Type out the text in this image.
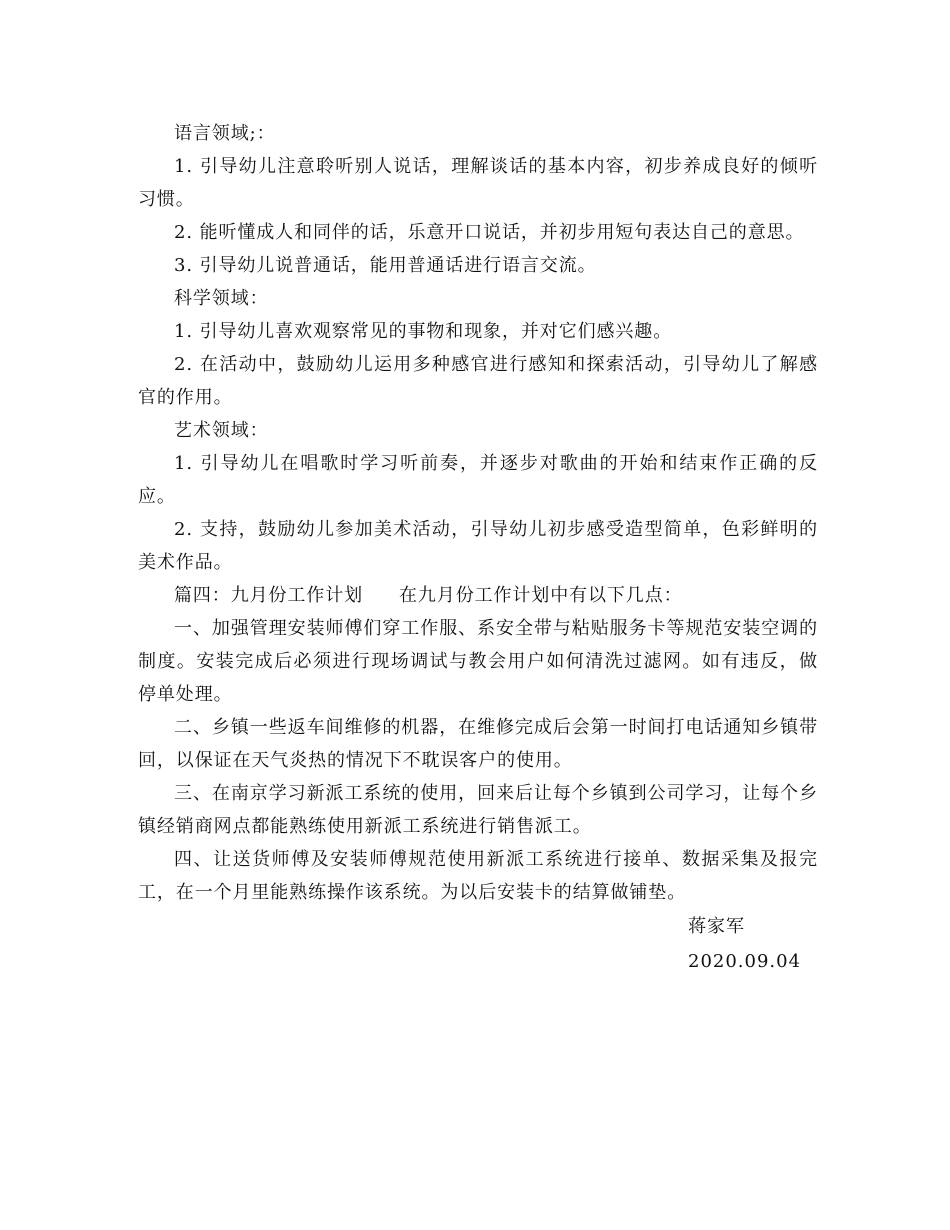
语言领域;：

1. 引导幼儿注意聆听别人说话，理解谈话的基本内容，初步养成良好的倾听习惯。

2. 能听懂成人和同伴的话，乐意开口说话，并初步用短句表达自己的意思。

3. 引导幼儿说普通话，能用普通话进行语言交流。

科学领域：

1. 引导幼儿喜欢观察常见的事物和现象，并对它们感兴趣。

2. 在活动中，鼓励幼儿运用多种感官进行感知和探索活动，引导幼儿了解感官的作用。

艺术领域：

1. 引导幼儿在唱歌时学习听前奏，并逐步对歌曲的开始和结束作正确的反应。

2. 支持，鼓励幼儿参加美术活动，引导幼儿初步感受造型简单，色彩鲜明的美术作品。

篇四：九月份工作计划 在九月份工作计划中有以下几点：

一、加强管理安装师傅们穿工作服、系安全带与粘贴服务卡等规范安装空调的制度。安装完成后必须进行现场调试与教会用户如何清洗过滤网。如有违反，做停单处理。

二、乡镇一些返车间维修的机器，在维修完成后会第一时间打电话通知乡镇带回，以保证在天气炎热的情况下不耽误客户的使用。

三、在南京学习新派工系统的使用，回来后让每个乡镇到公司学习，让每个乡镇经销商网点都能熟练使用新派工系统进行销售派工。

四、让送货师傅及安装师傅规范使用新派工系统进行接单、数据采集及报完工，在一个月里能熟练操作该系统。为以后安装卡的结算做铺垫。

蒋家军
2020.09.04
